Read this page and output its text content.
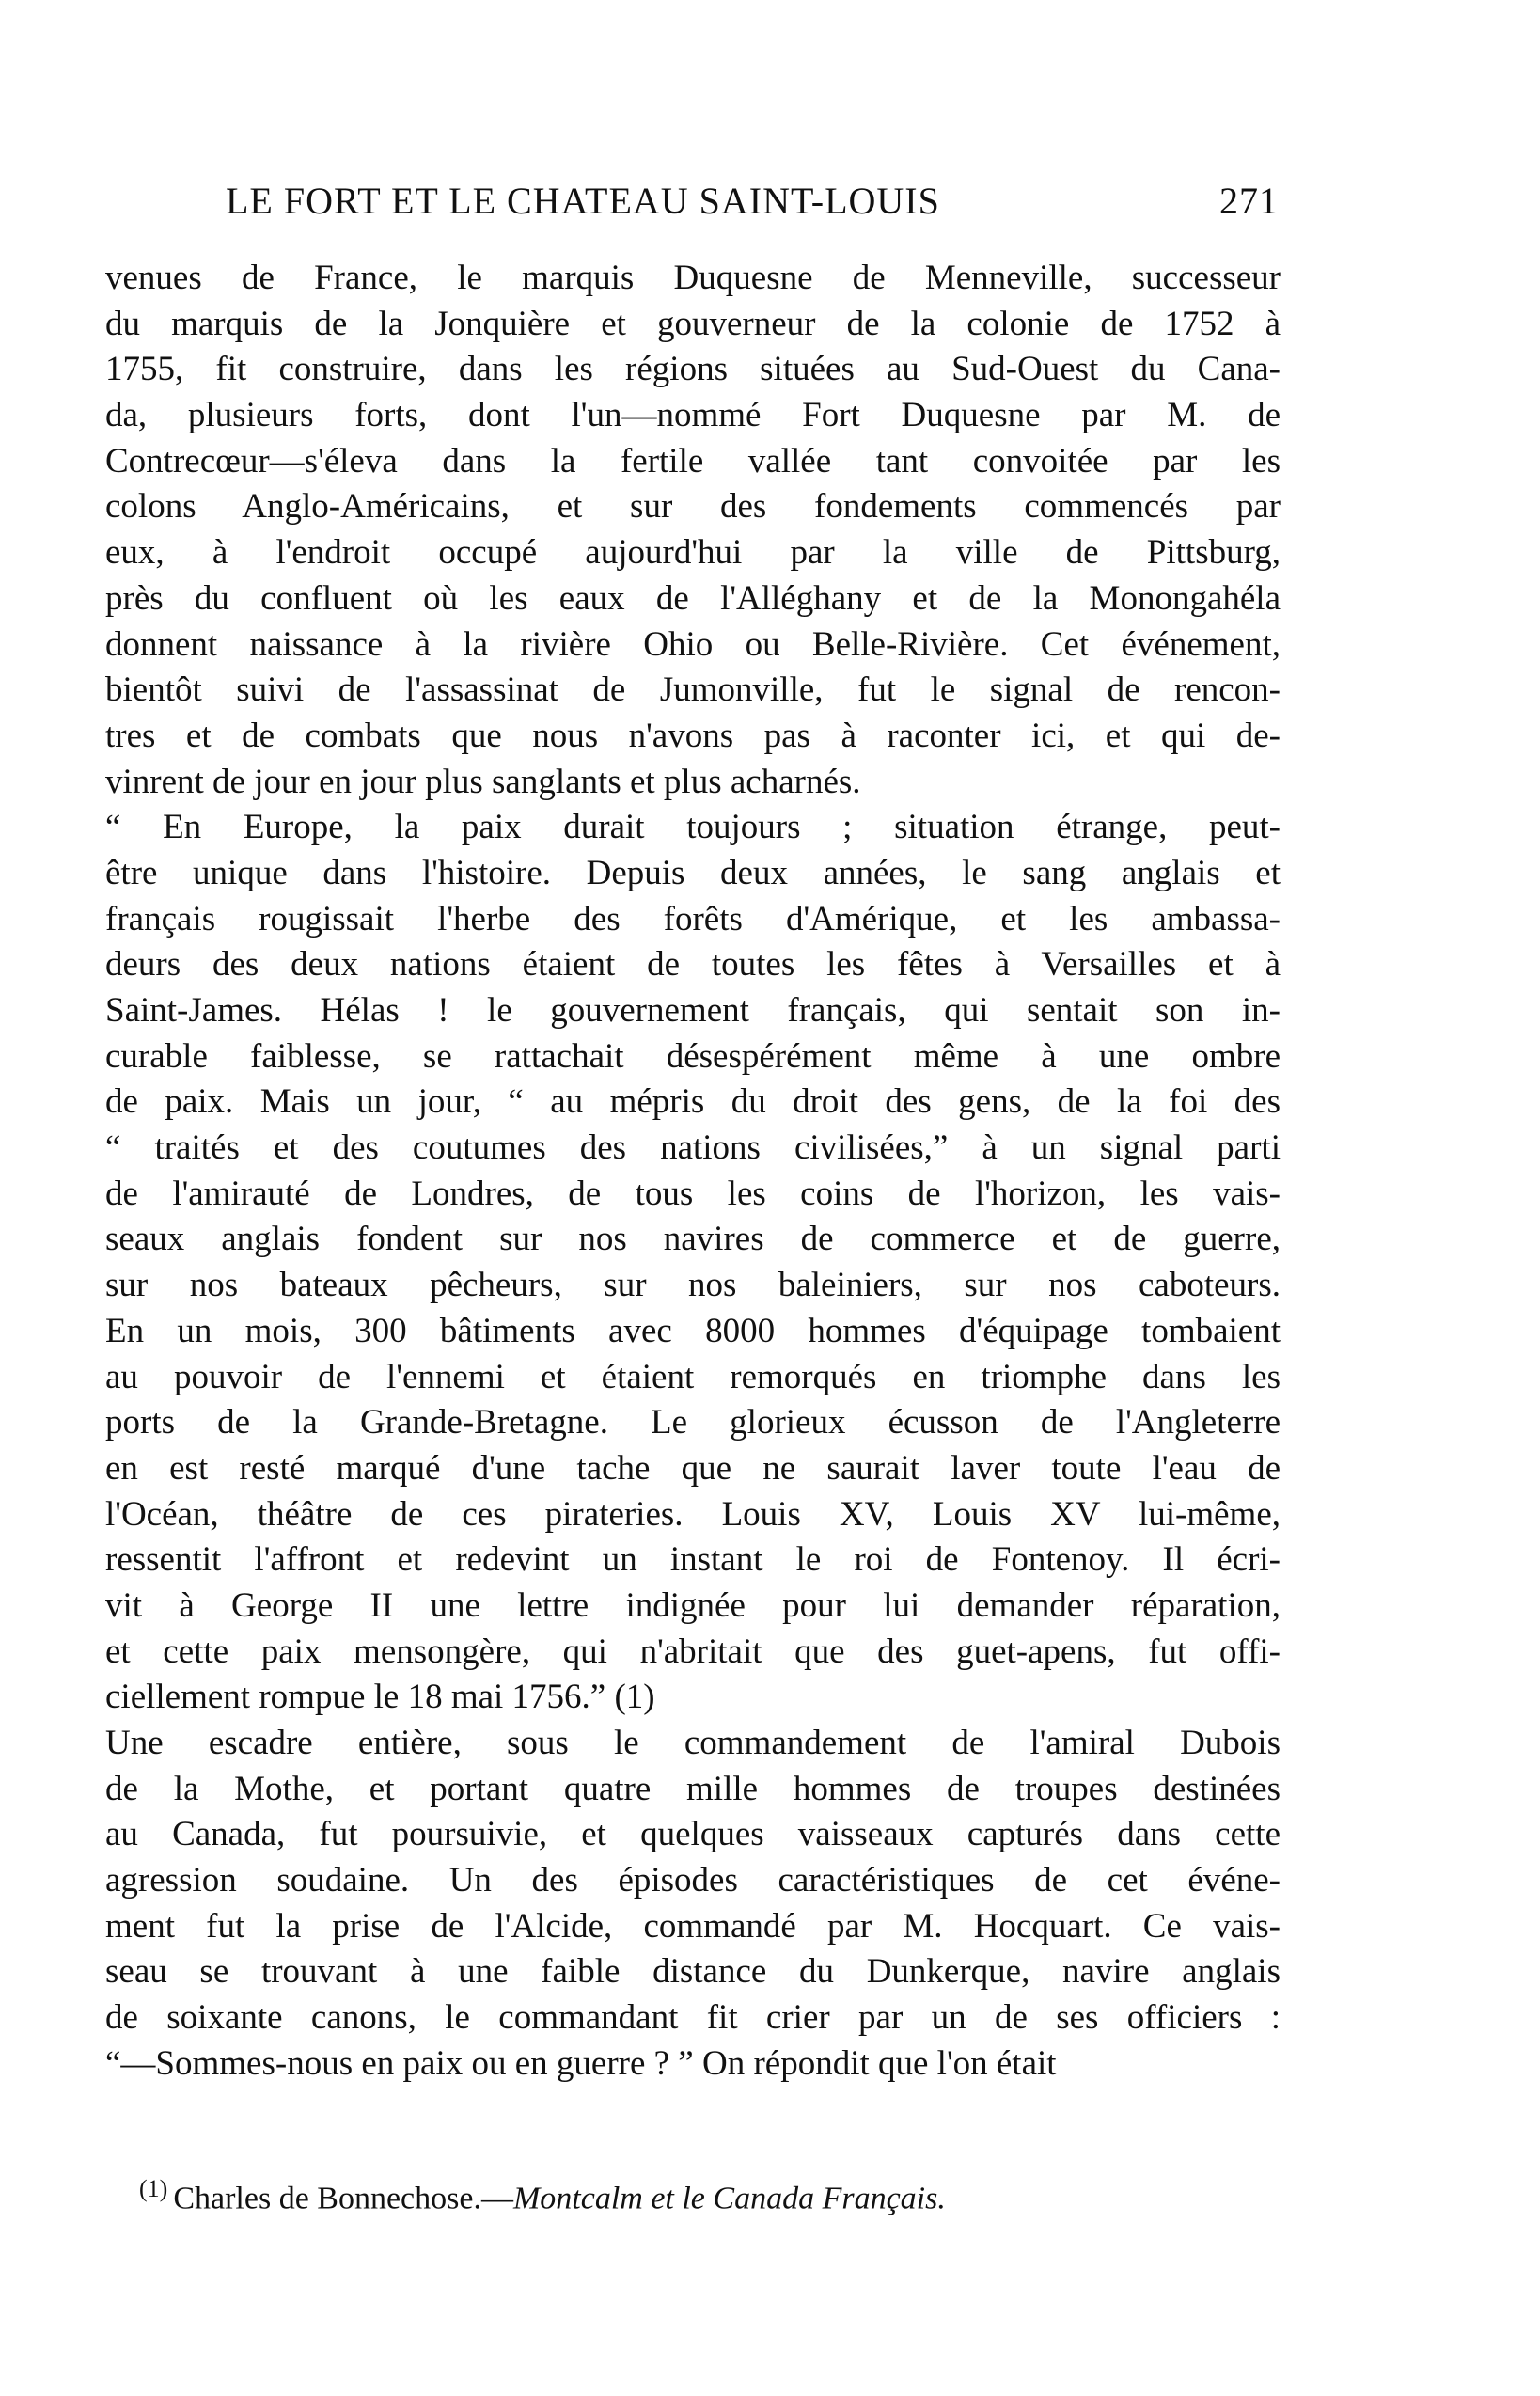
LE FORT ET LE CHATEAU SAINT-LOUIS	271
venues de France, le marquis Duquesne de Menneville, successeur
du marquis de la Jonquière et gouverneur de la colonie de 1752 à
1755, fit construire, dans les régions situées au Sud-Ouest du Cana-
da, plusieurs forts, dont l'un—nommé Fort Duquesne par M. de
Contrecœur—s'éleva dans la fertile vallée tant convoitée par les
colons Anglo-Américains, et sur des fondements commencés par
eux, à l'endroit occupé aujourd'hui par la ville de Pittsburg,
près du confluent où les eaux de l'Alléghany et de la Monongahéla
donnent naissance à la rivière Ohio ou Belle-Rivière. Cet événement,
bientôt suivi de l'assassinat de Jumonville, fut le signal de rencon-
tres et de combats que nous n'avons pas à raconter ici, et qui de-
vinrent de jour en jour plus sanglants et plus acharnés.
“ En Europe, la paix durait toujours ; situation étrange, peut-
être unique dans l'histoire. Depuis deux années, le sang anglais et
français rougissait l'herbe des forêts d'Amérique, et les ambassa-
deurs des deux nations étaient de toutes les fêtes à Versailles et à
Saint-James. Hélas ! le gouvernement français, qui sentait son in-
curable faiblesse, se rattachait désespérément même à une ombre
de paix. Mais un jour, “ au mépris du droit des gens, de la foi des
“ traités et des coutumes des nations civilisées,” à un signal parti
de l'amirauté de Londres, de tous les coins de l'horizon, les vais-
seaux anglais fondent sur nos navires de commerce et de guerre,
sur nos bateaux pêcheurs, sur nos baleiniers, sur nos caboteurs.
En un mois, 300 bâtiments avec 8000 hommes d'équipage tombaient
au pouvoir de l'ennemi et étaient remorqués en triomphe dans les
ports de la Grande-Bretagne. Le glorieux écusson de l'Angleterre
en est resté marqué d'une tache que ne saurait laver toute l'eau de
l'Océan, théâtre de ces pirateries. Louis XV, Louis XV lui-même,
ressentit l'affront et redevint un instant le roi de Fontenoy. Il écri-
vit à George II une lettre indignée pour lui demander réparation,
et cette paix mensongère, qui n'abritait que des guet-apens, fut offi-
ciellement rompue le 18 mai 1756.” (1)
Une escadre entière, sous le commandement de l'amiral Dubois
de la Mothe, et portant quatre mille hommes de troupes destinées
au Canada, fut poursuivie, et quelques vaisseaux capturés dans cette
agression soudaine. Un des épisodes caractéristiques de cet événe-
ment fut la prise de l'Alcide, commandé par M. Hocquart. Ce vais-
seau se trouvant à une faible distance du Dunkerque, navire anglais
de soixante canons, le commandant fit crier par un de ses officiers :
“—Sommes-nous en paix ou en guerre ? ” On répondit que l'on était
$^{(1)}$ Charles de Bonnechose.—Montcalm et le Canada Français.
